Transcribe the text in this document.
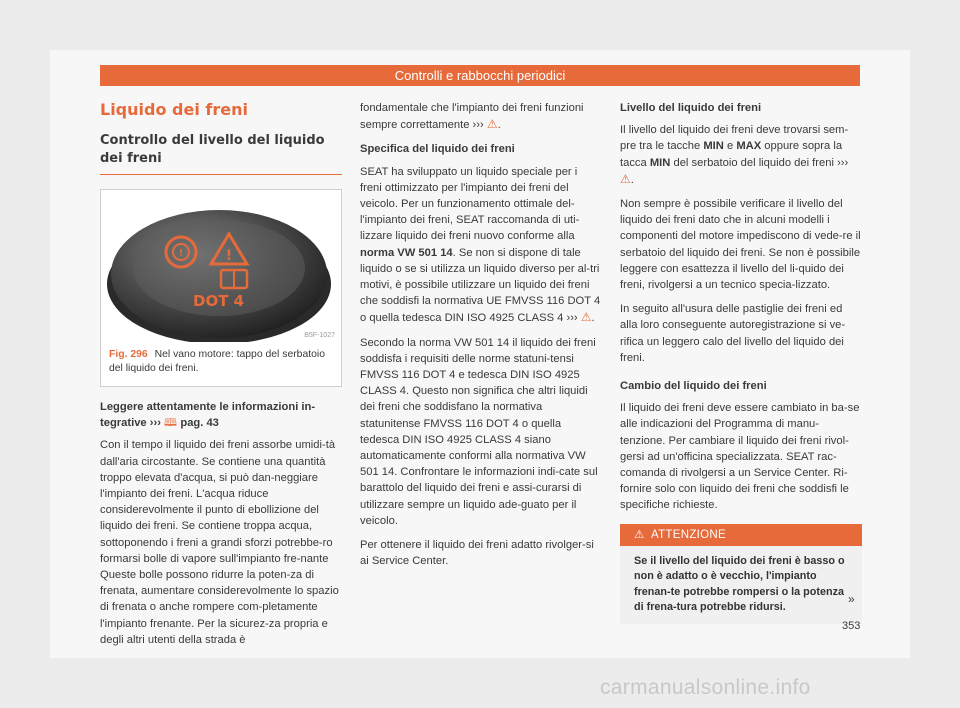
Controlli e rabbocchi periodici
Liquido dei freni
Controllo del livello del liquido dei freni
!	!
DOT 4
B5F-1027
Fig. 296 Nel vano motore: tappo del serbatoio del liquido dei freni.
Leggere attentamente le informazioni in-tegrative ››› 🕮 pag. 43

Con il tempo il liquido dei freni assorbe umidi-tà dall'aria circostante. Se contiene una quantità troppo elevata d'acqua, si può dan-neggiare l'impianto dei freni. L'acqua riduce considerevolmente il punto di ebollizione del liquido dei freni. Se contiene troppa acqua, sottoponendo i freni a grandi sforzi potrebbe-ro formarsi bolle di vapore sull'impianto fre-nante Queste bolle possono ridurre la poten-za di frenata, aumentare considerevolmente lo spazio di frenata o anche rompere com-pletamente l'impianto frenante. Per la sicurez-za propria e degli altri utenti della strada è

fondamentale che l'impianto dei freni funzioni sempre correttamente ››› ⚠.

Specifica del liquido dei freni

SEAT ha sviluppato un liquido speciale per i freni ottimizzato per l'impianto dei freni del veicolo. Per un funzionamento ottimale del-l'impianto dei freni, SEAT raccomanda di uti-lizzare liquido dei freni nuovo conforme alla norma VW 501 14. Se non si dispone di tale liquido o se si utilizza un liquido diverso per al-tri motivi, è possibile utilizzare un liquido dei freni che soddisfi la normativa UE FMVSS 116 DOT 4 o quella tedesca DIN ISO 4925 CLASS 4 ››› ⚠.

Secondo la norma VW 501 14 il liquido dei freni soddisfa i requisiti delle norme statuni-tensi FMVSS 116 DOT 4 e tedesca DIN ISO 4925 CLASS 4. Questo non significa che altri liquidi dei freni che soddisfano la normativa statunitense FMVSS 116 DOT 4 o quella tedesca DIN ISO 4925 CLASS 4 siano automaticamente conformi alla normativa VW 501 14. Confrontare le informazioni indi-cate sul barattolo del liquido dei freni e assi-curarsi di utilizzare sempre un liquido ade-guato per il veicolo.

Per ottenere il liquido dei freni adatto rivolger-si ai Service Center.

Livello del liquido dei freni

Il livello del liquido dei freni deve trovarsi sem-pre tra le tacche MIN e MAX oppure sopra la tacca MIN del serbatoio del liquido dei freni ››› ⚠.

Non sempre è possibile verificare il livello del liquido dei freni dato che in alcuni modelli i componenti del motore impediscono di vede-re il serbatoio del liquido dei freni. Se non è possibile leggere con esattezza il livello del li-quido dei freni, rivolgersi a un tecnico specia-lizzato.

In seguito all'usura delle pastiglie dei freni ed alla loro conseguente autoregistrazione si ve-rifica un leggero calo del livello del liquido dei freni.

Cambio del liquido dei freni

Il liquido dei freni deve essere cambiato in ba-se alle indicazioni del Programma di manu-tenzione. Per cambiare il liquido dei freni rivol-gersi ad un'officina specializzata. SEAT rac-comanda di rivolgersi a un Service Center. Ri-fornire solo con liquido dei freni che soddisfi le specifiche richieste.

⚠ ATTENZIONE
Se il livello del liquido dei freni è basso o non è adatto o è vecchio, l'impianto frenan-te potrebbe rompersi o la potenza di frena-tura potrebbe ridursi.
»
353
carmanualsonline.info
